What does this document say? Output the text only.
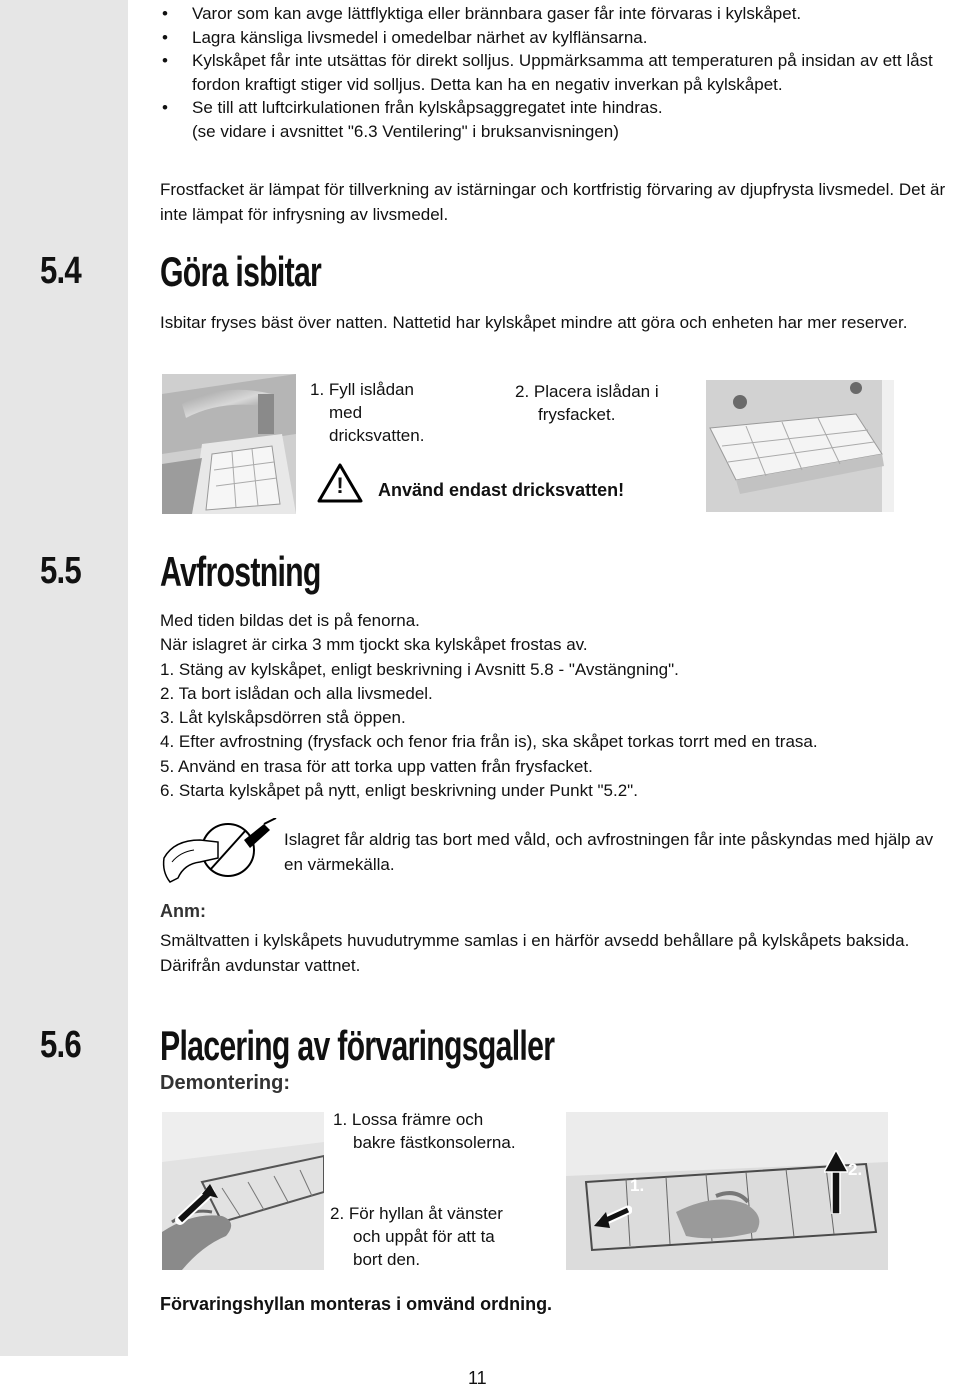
• Varor som kan avge lättflyktiga eller brännbara gaser får inte förvaras i kylskåpet.
• Lagra känsliga livsmedel i omedelbar närhet av kylflänsarna.
• Kylskåpet får inte utsättas för direkt solljus. Uppmärksamma att temperaturen på insidan av ett låst fordon kraftigt stiger vid solljus. Detta kan ha en negativ inverkan på kylskåpet.
• Se till att luftcirkulationen från kylskåpsaggregatet inte hindras.
(se vidare i avsnittet "6.3 Ventilering" i bruksanvisningen)
Frostfacket är lämpat för tillverkning av istärningar och kortfristig förvaring av djupfrysta livsmedel. Det är inte lämpat för infrysning av livsmedel.
5.4 Göra isbitar
Isbitar fryses bäst över natten. Nattetid har kylskåpet mindre att göra och enheten har mer reserver.
1. Fyll islådan
med
dricksvatten.
2. Placera islådan i
frysfacket.
!	Använd endast dricksvatten!
5.5 Avfrostning
Med tiden bildas det is på fenorna.
När islagret är cirka 3 mm tjockt ska kylskåpet frostas av.
1. Stäng av kylskåpet, enligt beskrivning i Avsnitt 5.8 - "Avstängning".
2. Ta bort islådan och alla livsmedel.
3. Låt kylskåpsdörren stå öppen.
4. Efter avfrostning (frysfack och fenor fria från is), ska skåpet torkas torrt med en trasa.
5. Använd en trasa för att torka upp vatten från frysfacket.
6. Starta kylskåpet på nytt, enligt beskrivning under Punkt "5.2".
Islagret får aldrig tas bort med våld, och avfrostningen får inte påskyndas med hjälp av en värmekälla.
Anm:
Smältvatten i kylskåpets huvudutrymme samlas i en härför avsedd behållare på kylskåpets baksida. Därifrån avdunstar vattnet.
5.6 Placering av förvaringsgaller
Demontering:
1. Lossa främre och
bakre fästkonsolerna.
2. För hyllan åt vänster
och uppåt för att ta
bort den.
1.
2.
Förvaringshyllan monteras i omvänd ordning.
11
